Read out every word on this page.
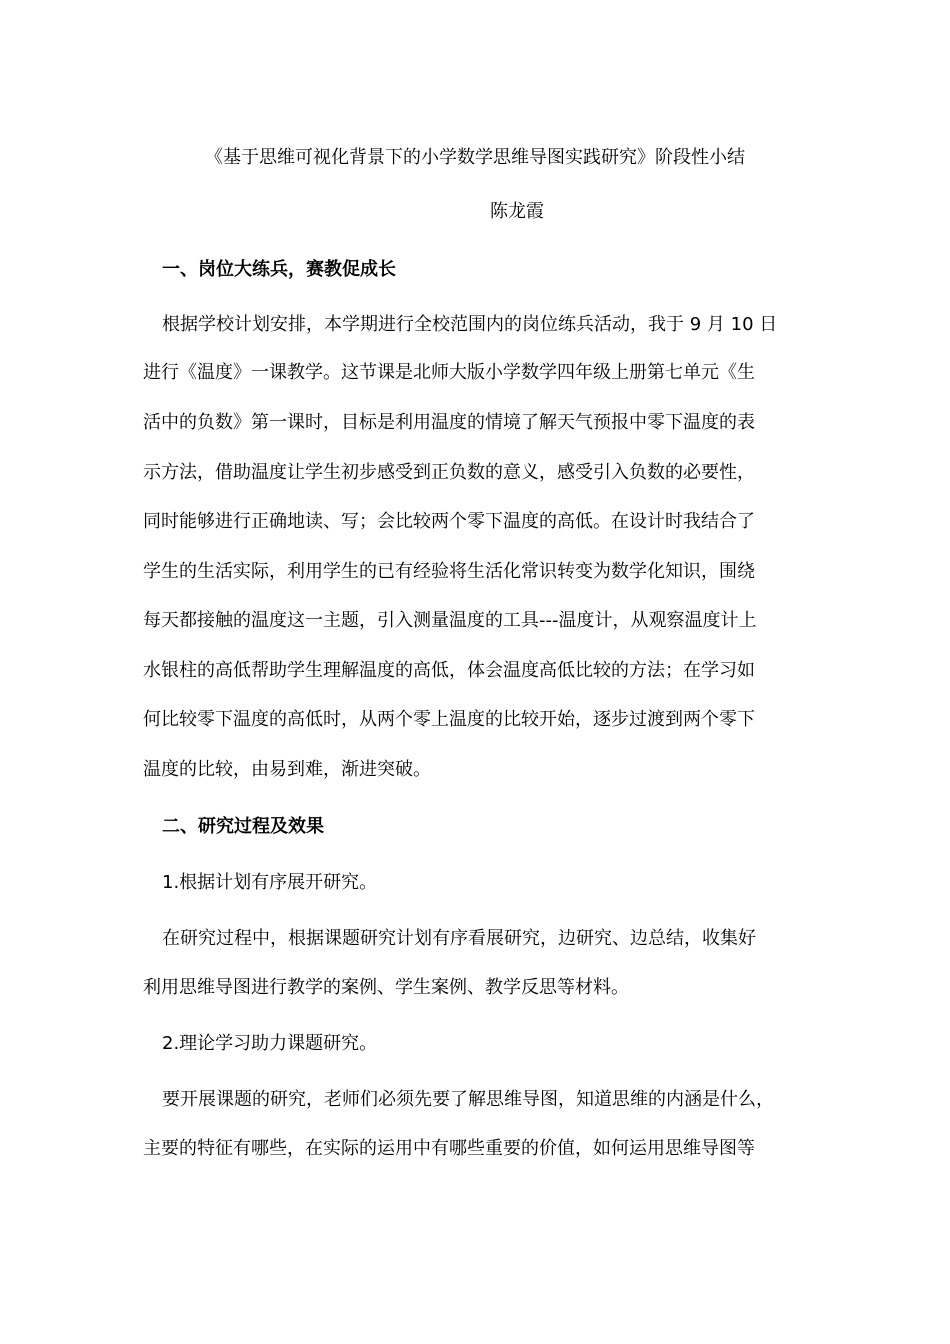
《基于思维可视化背景下的小学数学思维导图实践研究》阶段性小结
陈龙霞
一、岗位大练兵，赛教促成长
根据学校计划安排，本学期进行全校范围内的岗位练兵活动，我于 9 月 10 日
进行《温度》一课教学。这节课是北师大版小学数学四年级上册第七单元《生
活中的负数》第一课时，目标是利用温度的情境了解天气预报中零下温度的表
示方法，借助温度让学生初步感受到正负数的意义，感受引入负数的必要性，
同时能够进行正确地读、写；会比较两个零下温度的高低。在设计时我结合了
学生的生活实际，利用学生的已有经验将生活化常识转变为数学化知识，围绕
每天都接触的温度这一主题，引入测量温度的工具---温度计，从观察温度计上
水银柱的高低帮助学生理解温度的高低，体会温度高低比较的方法；在学习如
何比较零下温度的高低时，从两个零上温度的比较开始，逐步过渡到两个零下
温度的比较，由易到难，渐进突破。
二、研究过程及效果
1.根据计划有序展开研究。
在研究过程中，根据课题研究计划有序看展研究，边研究、边总结，收集好
利用思维导图进行教学的案例、学生案例、教学反思等材料。
2.理论学习助力课题研究。
要开展课题的研究，老师们必须先要了解思维导图，知道思维的内涵是什么，
主要的特征有哪些，在实际的运用中有哪些重要的价值，如何运用思维导图等
